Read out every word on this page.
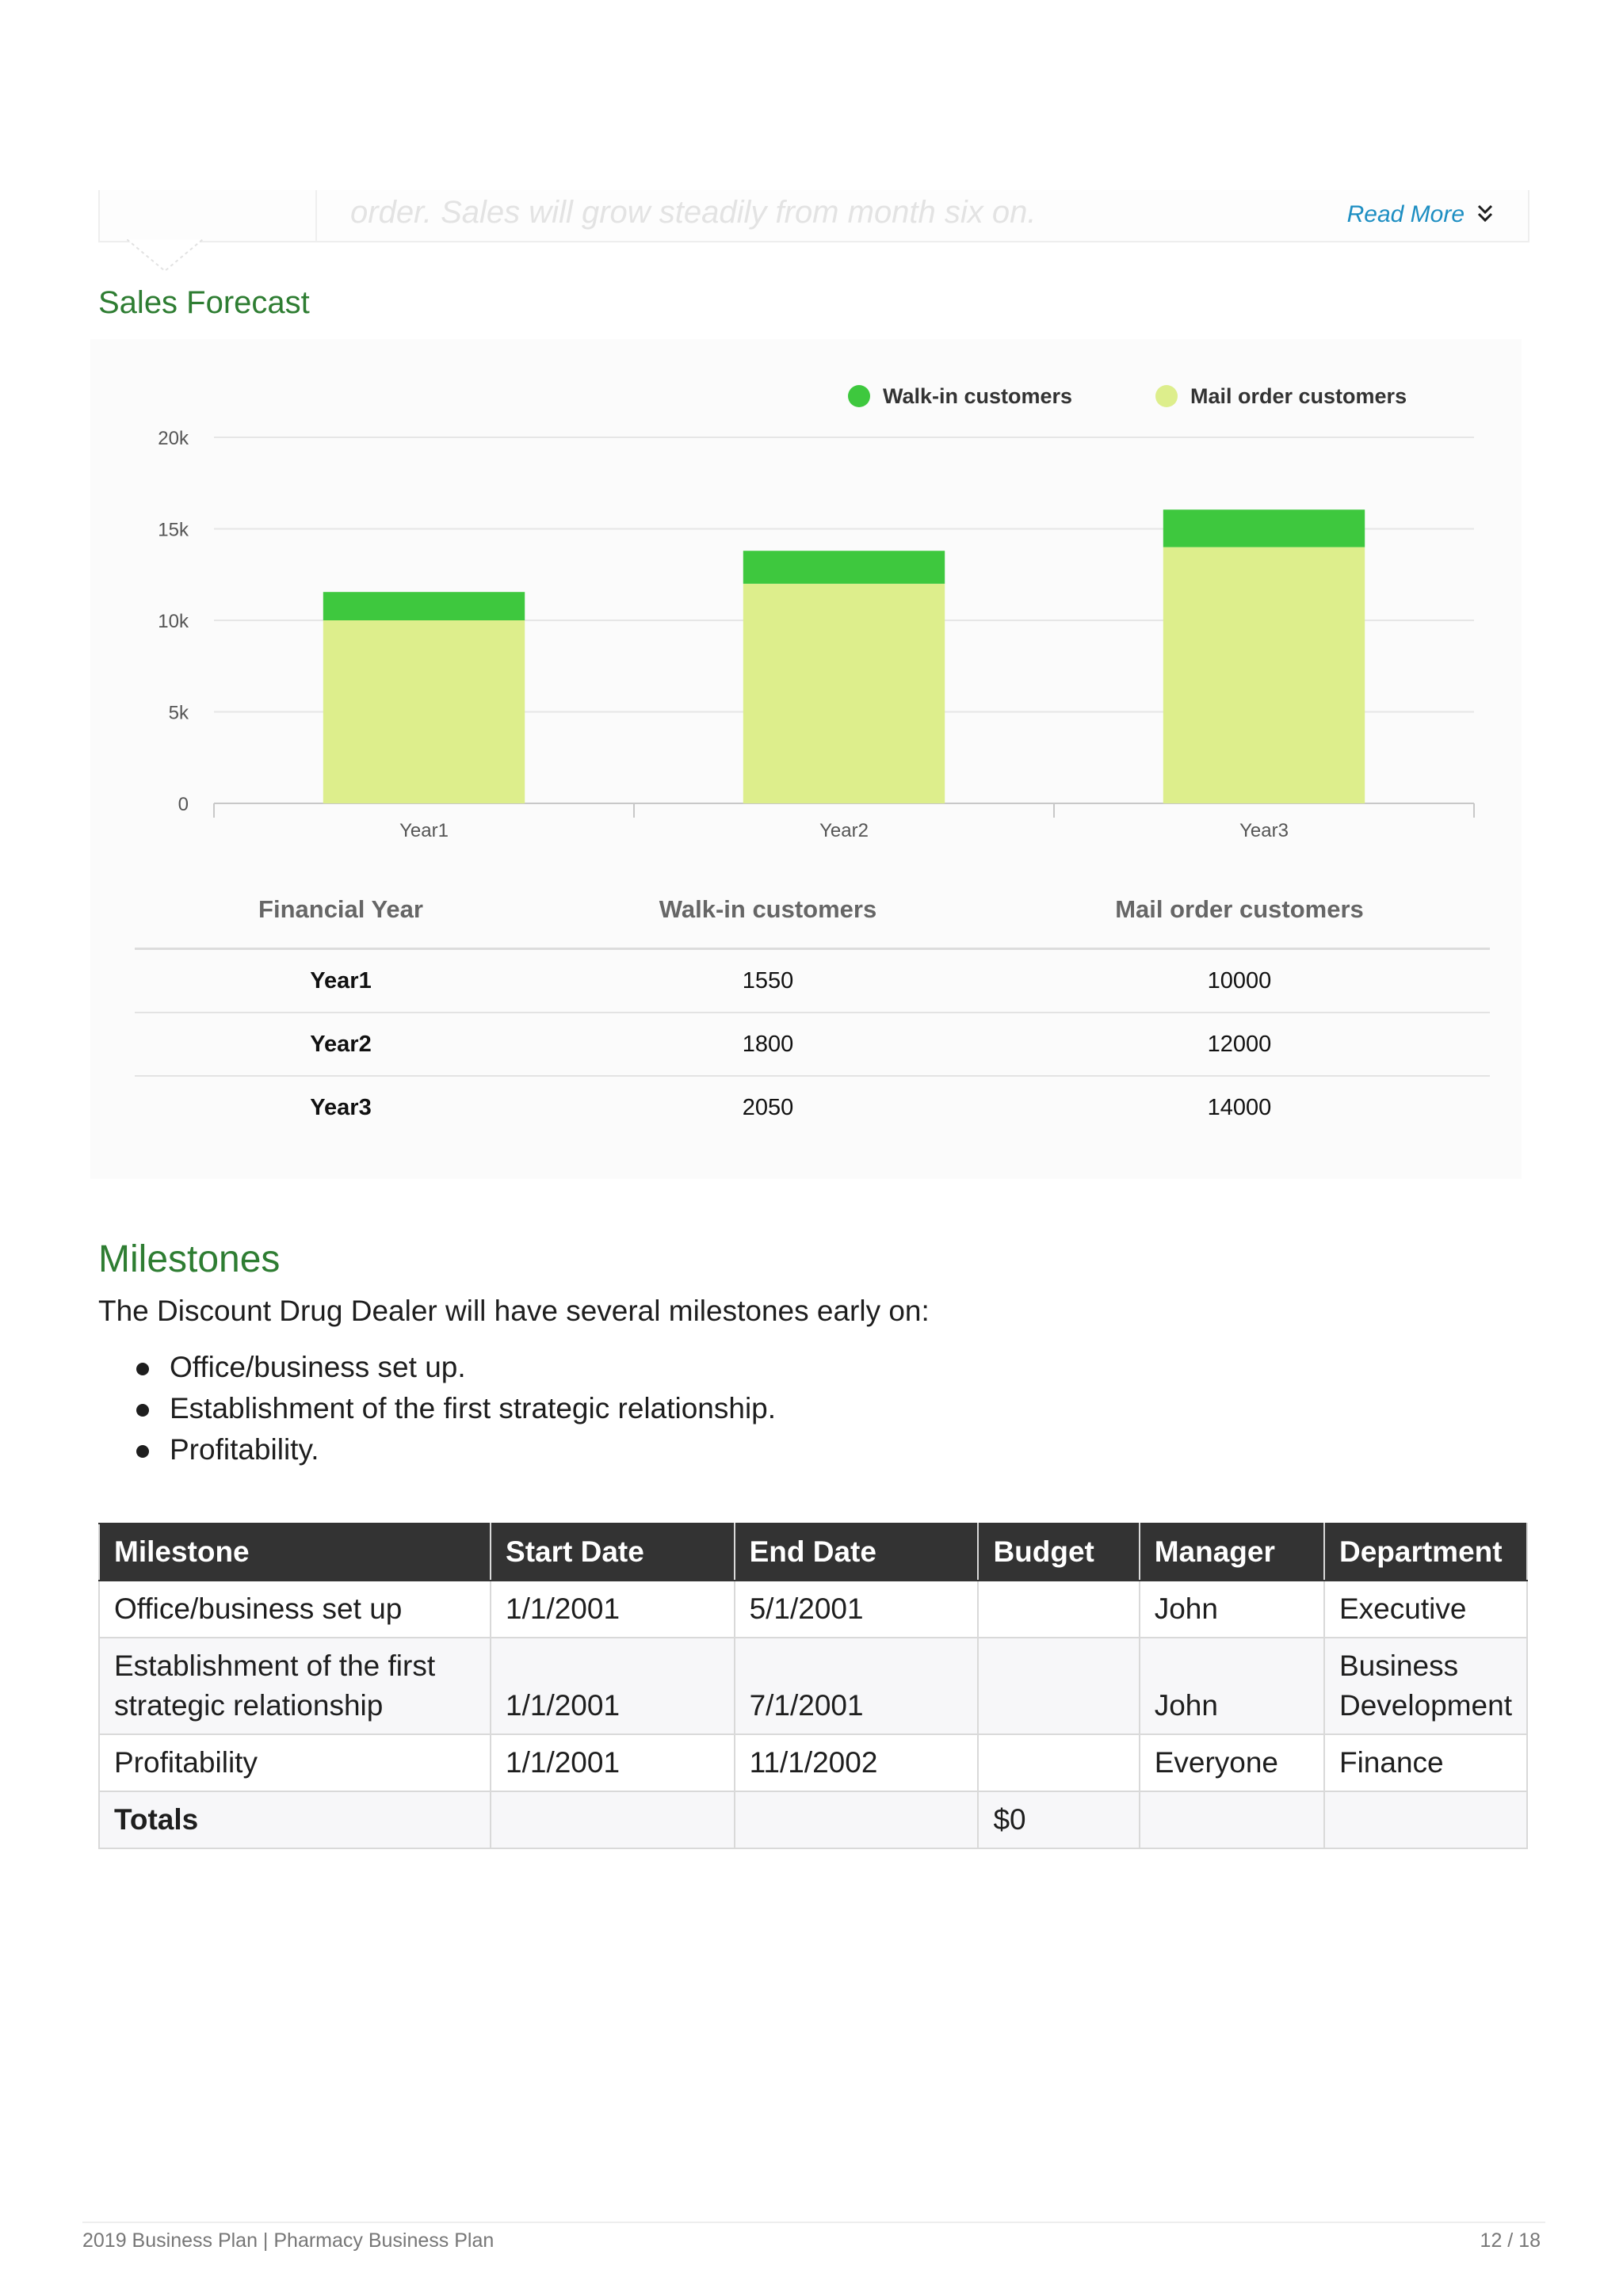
order. Sales will grow steadily from month six on.	Read More
Sales Forecast
Walk-in customers	Mail order customers
0
5k
10k
15k
20k
Year1	Year2	Year3
Financial Year	Walk-in customers	Mail order customers
Year1	1550	10000
Year2	1800	12000
Year3	2050	14000
Milestones
The Discount Drug Dealer will have several milestones early on:
Office/business set up.
Establishment of the first strategic relationship.
Profitability.
Milestone	Start Date	End Date	Budget	Manager	Department
Office/business set up	1/1/2001	5/1/2001		John	Executive
Establishment of the first
strategic relationship	1/1/2001	7/1/2001		John	Business
Development
Profitability	1/1/2001	11/1/2002		Everyone	Finance
Totals			$0		
2019 Business Plan | Pharmacy Business Plan	12 / 18
